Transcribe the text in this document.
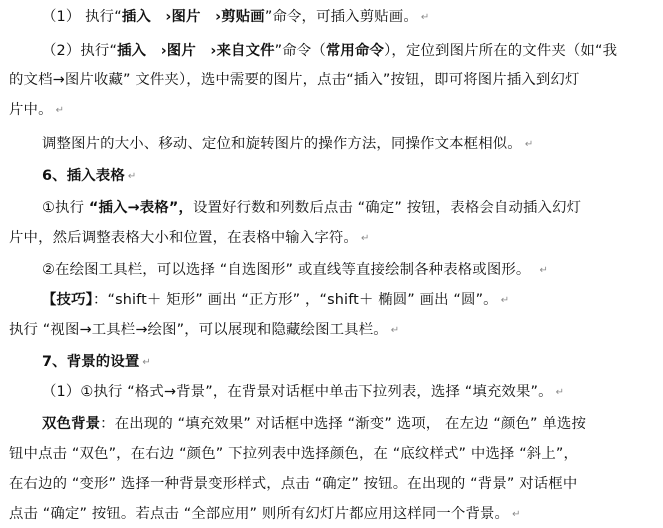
（1） 执行“插入　›图片　›剪贴画”命令，可插入剪贴画。 ↵
（2）执行“插入　›图片　›来自文件”命令（常用命令），定位到图片所在的文件夹（如“我
的文档→图片收藏” 文件夹），选中需要的图片，点击“插入”按钮，即可将图片插入到幻灯
片中。 ↵
调整图片的大小、移动、定位和旋转图片的操作方法，同操作文本框相似。 ↵
6、插入表格 ↵
①执行 “插入→表格”，设置好行数和列数后点击 “确定” 按钮，表格会自动插入幻灯
片中，然后调整表格大小和位置，在表格中输入字符。 ↵
②在绘图工具栏，可以选择 “自选图形” 或直线等直接绘制各种表格或图形。 ↵
【技巧】：“shift＋ 矩形” 画出 “正方形” ，“shift＋ 椭圆” 画出 “圆”。 ↵
执行 “视图→工具栏→绘图”，可以展现和隐藏绘图工具栏。 ↵
7、背景的设置 ↵
（1）①执行 “格式→背景”，在背景对话框中单击下拉列表，选择 “填充效果”。 ↵
双色背景：在出现的 “填充效果” 对话框中选择 “渐变” 选项， 在左边 “颜色” 单选按
钮中点击 “双色”，在右边 “颜色” 下拉列表中选择颜色，在 “底纹样式” 中选择 “斜上”，
在右边的 “变形” 选择一种背景变形样式，点击 “确定” 按钮。在出现的 “背景” 对话框中
点击 “确定” 按钮。若点击 “全部应用” 则所有幻灯片都应用这样同一个背景。 ↵
